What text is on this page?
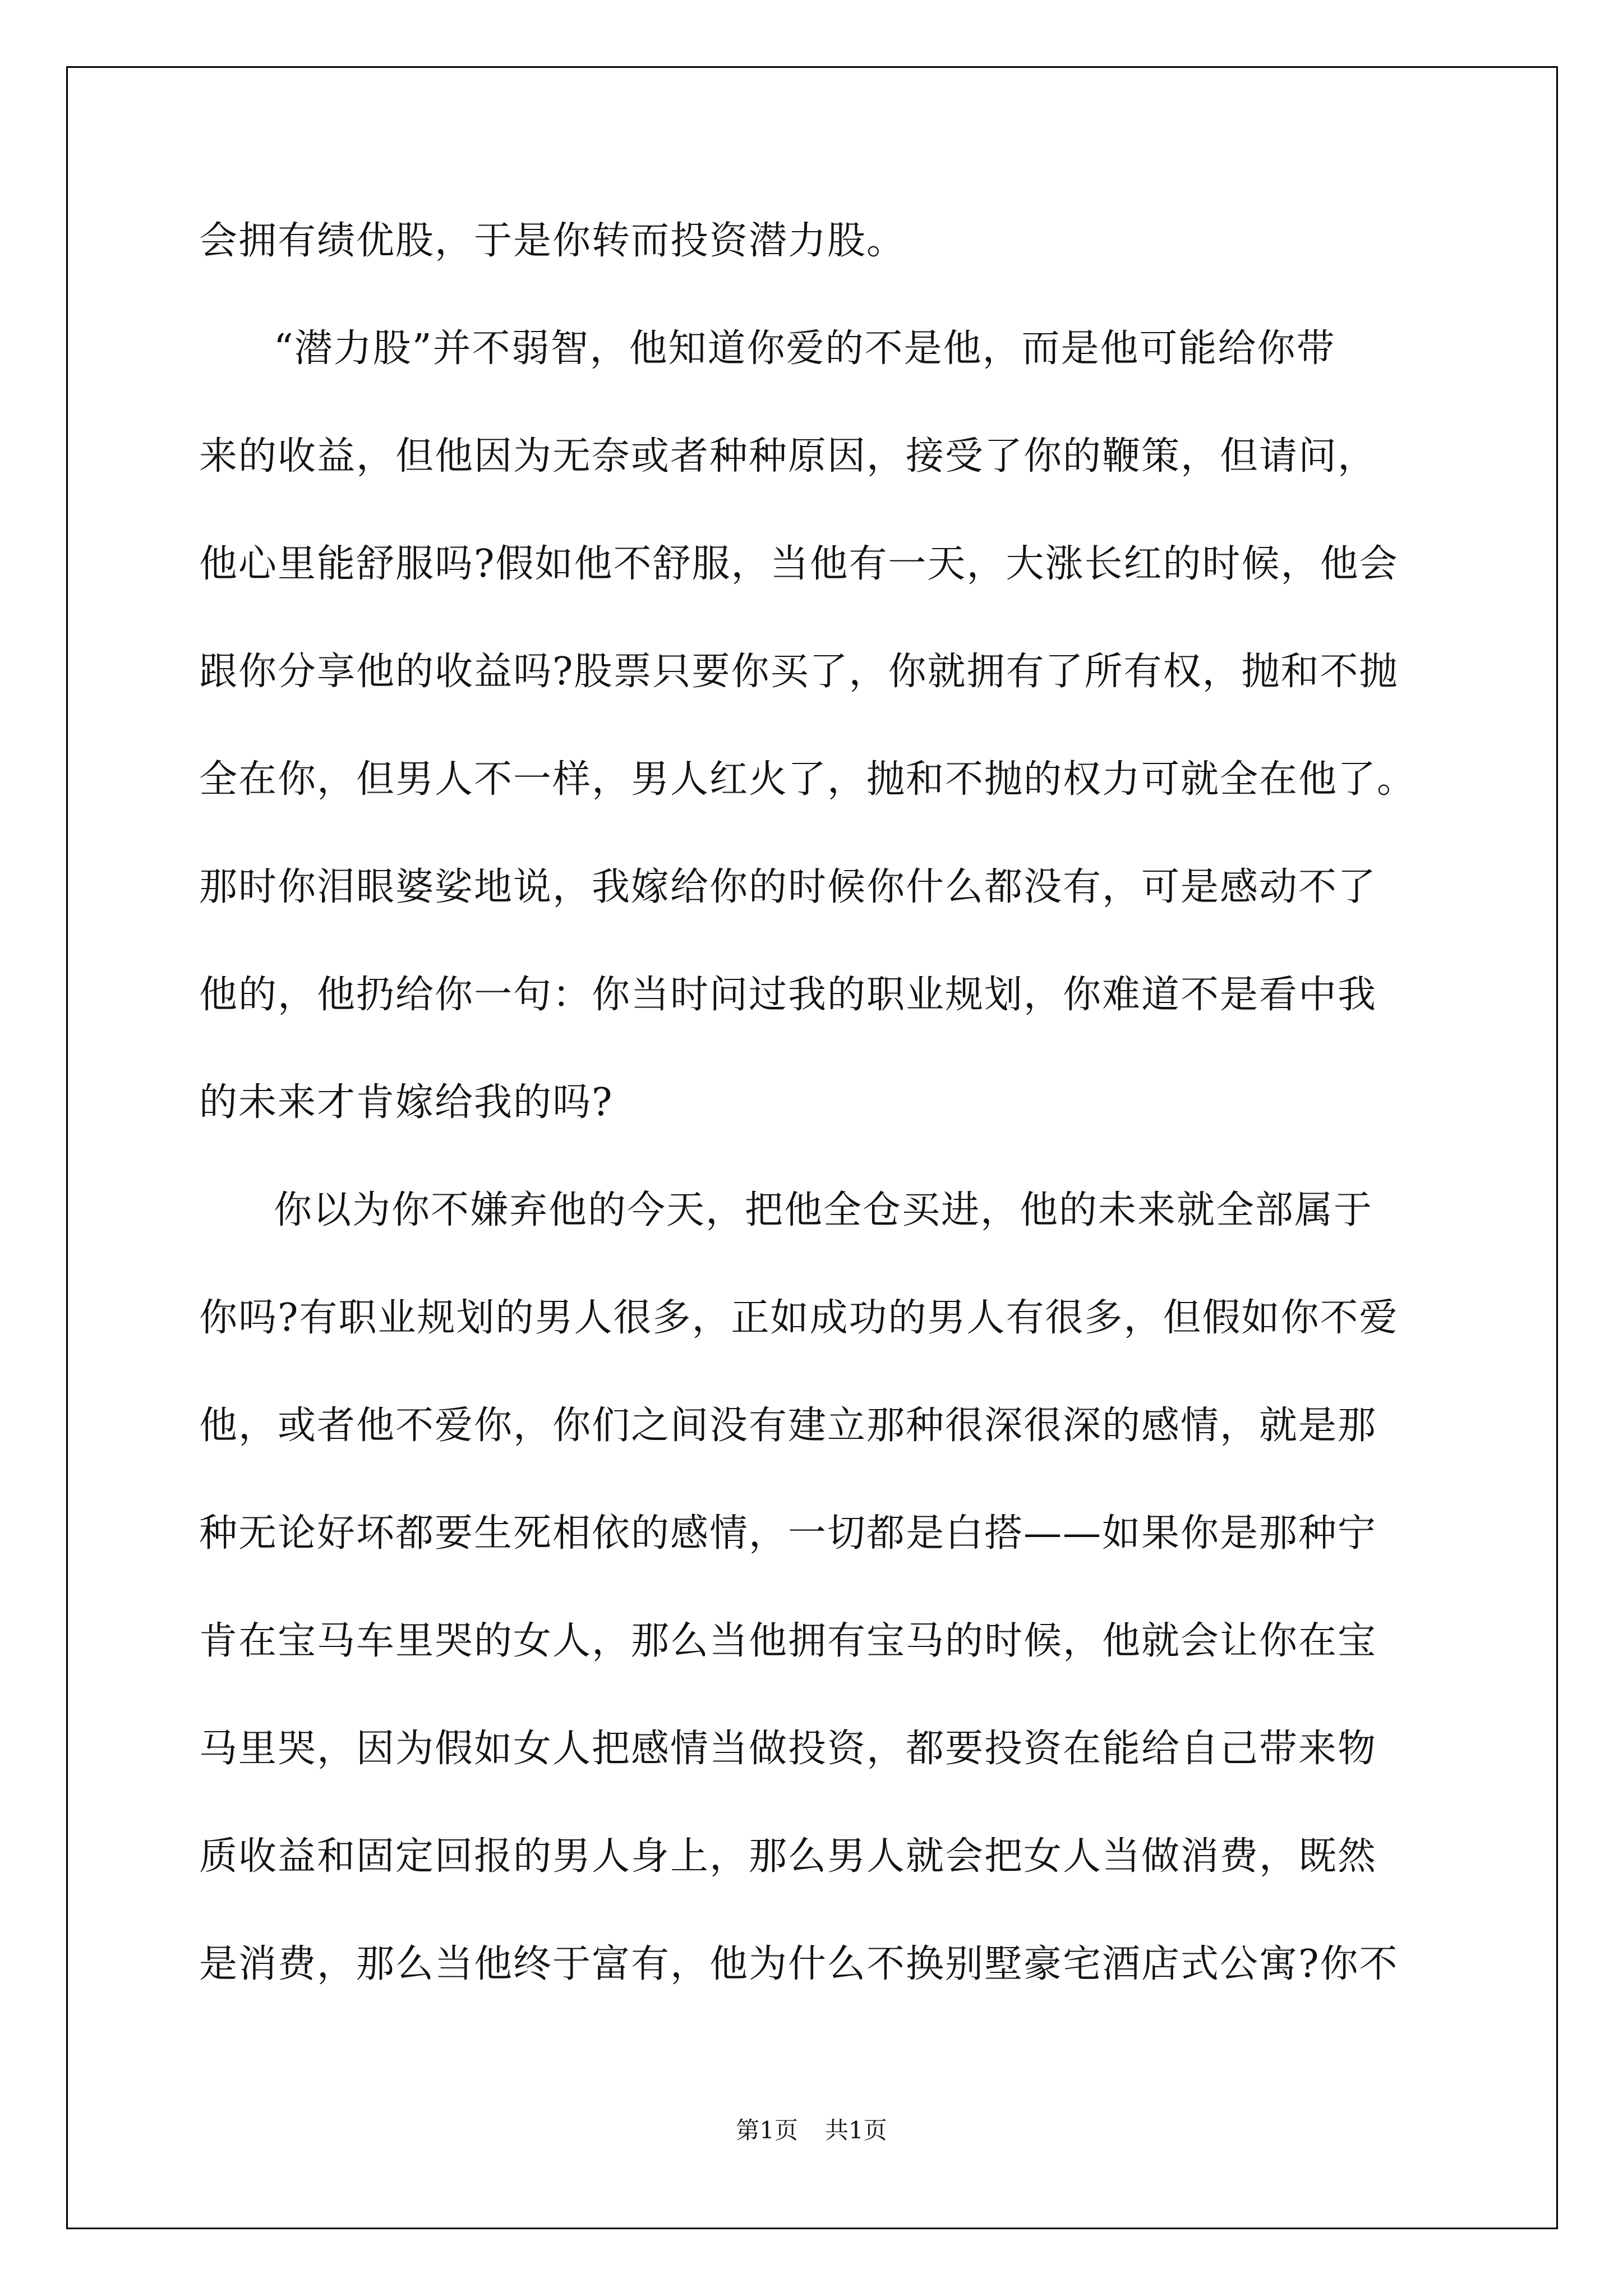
会拥有绩优股，于是你转而投资潜力股。

“潜力股”并不弱智，他知道你爱的不是他，而是他可能给你带

来的收益，但他因为无奈或者种种原因，接受了你的鞭策，但请问，

他心里能舒服吗?假如他不舒服，当他有一天，大涨长红的时候，他会

跟你分享他的收益吗?股票只要你买了，你就拥有了所有权，抛和不抛

全在你，但男人不一样，男人红火了，抛和不抛的权力可就全在他了。

那时你泪眼婆娑地说，我嫁给你的时候你什么都没有，可是感动不了

他的，他扔给你一句：你当时问过我的职业规划，你难道不是看中我

的未来才肯嫁给我的吗?

你以为你不嫌弃他的今天，把他全仓买进，他的未来就全部属于

你吗?有职业规划的男人很多，正如成功的男人有很多，但假如你不爱

他，或者他不爱你，你们之间没有建立那种很深很深的感情，就是那

种无论好坏都要生死相依的感情，一切都是白搭——如果你是那种宁

肯在宝马车里哭的女人，那么当他拥有宝马的时候，他就会让你在宝

马里哭，因为假如女人把感情当做投资，都要投资在能给自己带来物

质收益和固定回报的男人身上，那么男人就会把女人当做消费，既然

是消费，那么当他终于富有，他为什么不换别墅豪宅酒店式公寓?你不

第1页 共1页
